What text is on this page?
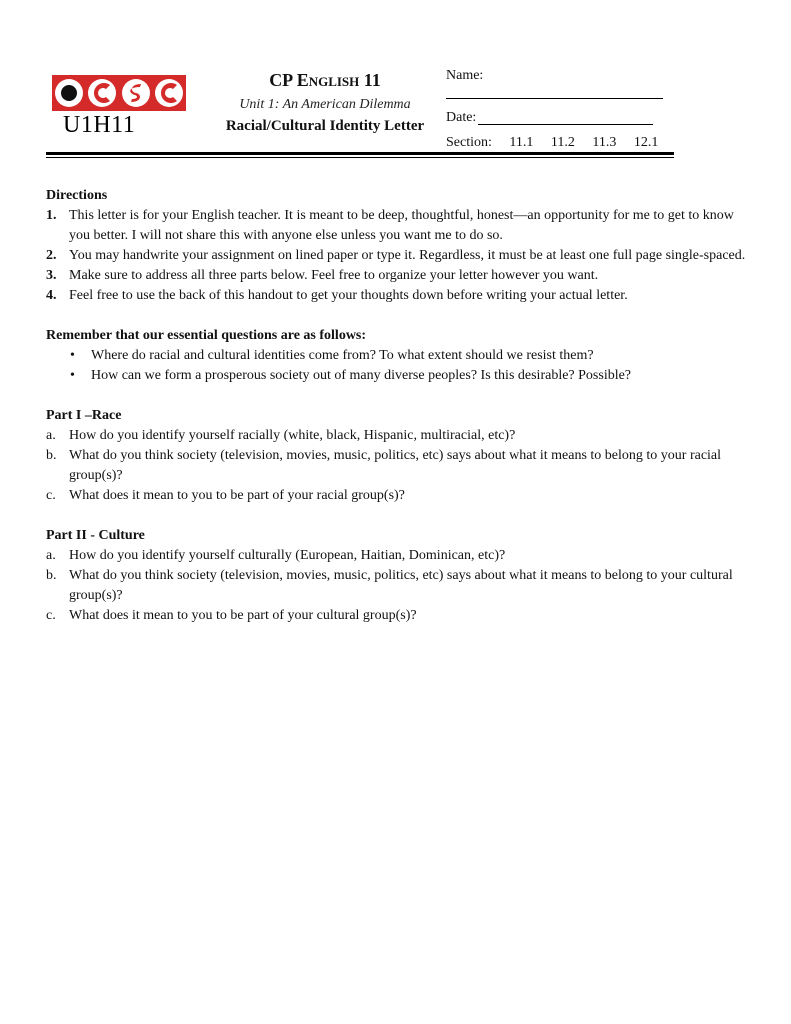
U1H11
CP English 11
Unit 1: An American Dilemma
Racial/Cultural Identity Letter
Name:
Date:
Section: 11.1 11.2 11.3 12.1
Directions
1. This letter is for your English teacher. It is meant to be deep, thoughtful, honest—an opportunity for me to get to know you better. I will not share this with anyone else unless you want me to do so.
2. You may handwrite your assignment on lined paper or type it. Regardless, it must be at least one full page single-spaced.
3. Make sure to address all three parts below. Feel free to organize your letter however you want.
4. Feel free to use the back of this handout to get your thoughts down before writing your actual letter.
Remember that our essential questions are as follows:
• Where do racial and cultural identities come from? To what extent should we resist them?
• How can we form a prosperous society out of many diverse peoples? Is this desirable? Possible?
Part I –Race
a. How do you identify yourself racially (white, black, Hispanic, multiracial, etc)?
b. What do you think society (television, movies, music, politics, etc) says about what it means to belong to your racial group(s)?
c. What does it mean to you to be part of your racial group(s)?
Part II - Culture
a. How do you identify yourself culturally (European, Haitian, Dominican, etc)?
b. What do you think society (television, movies, music, politics, etc) says about what it means to belong to your cultural group(s)?
c. What does it mean to you to be part of your cultural group(s)?
